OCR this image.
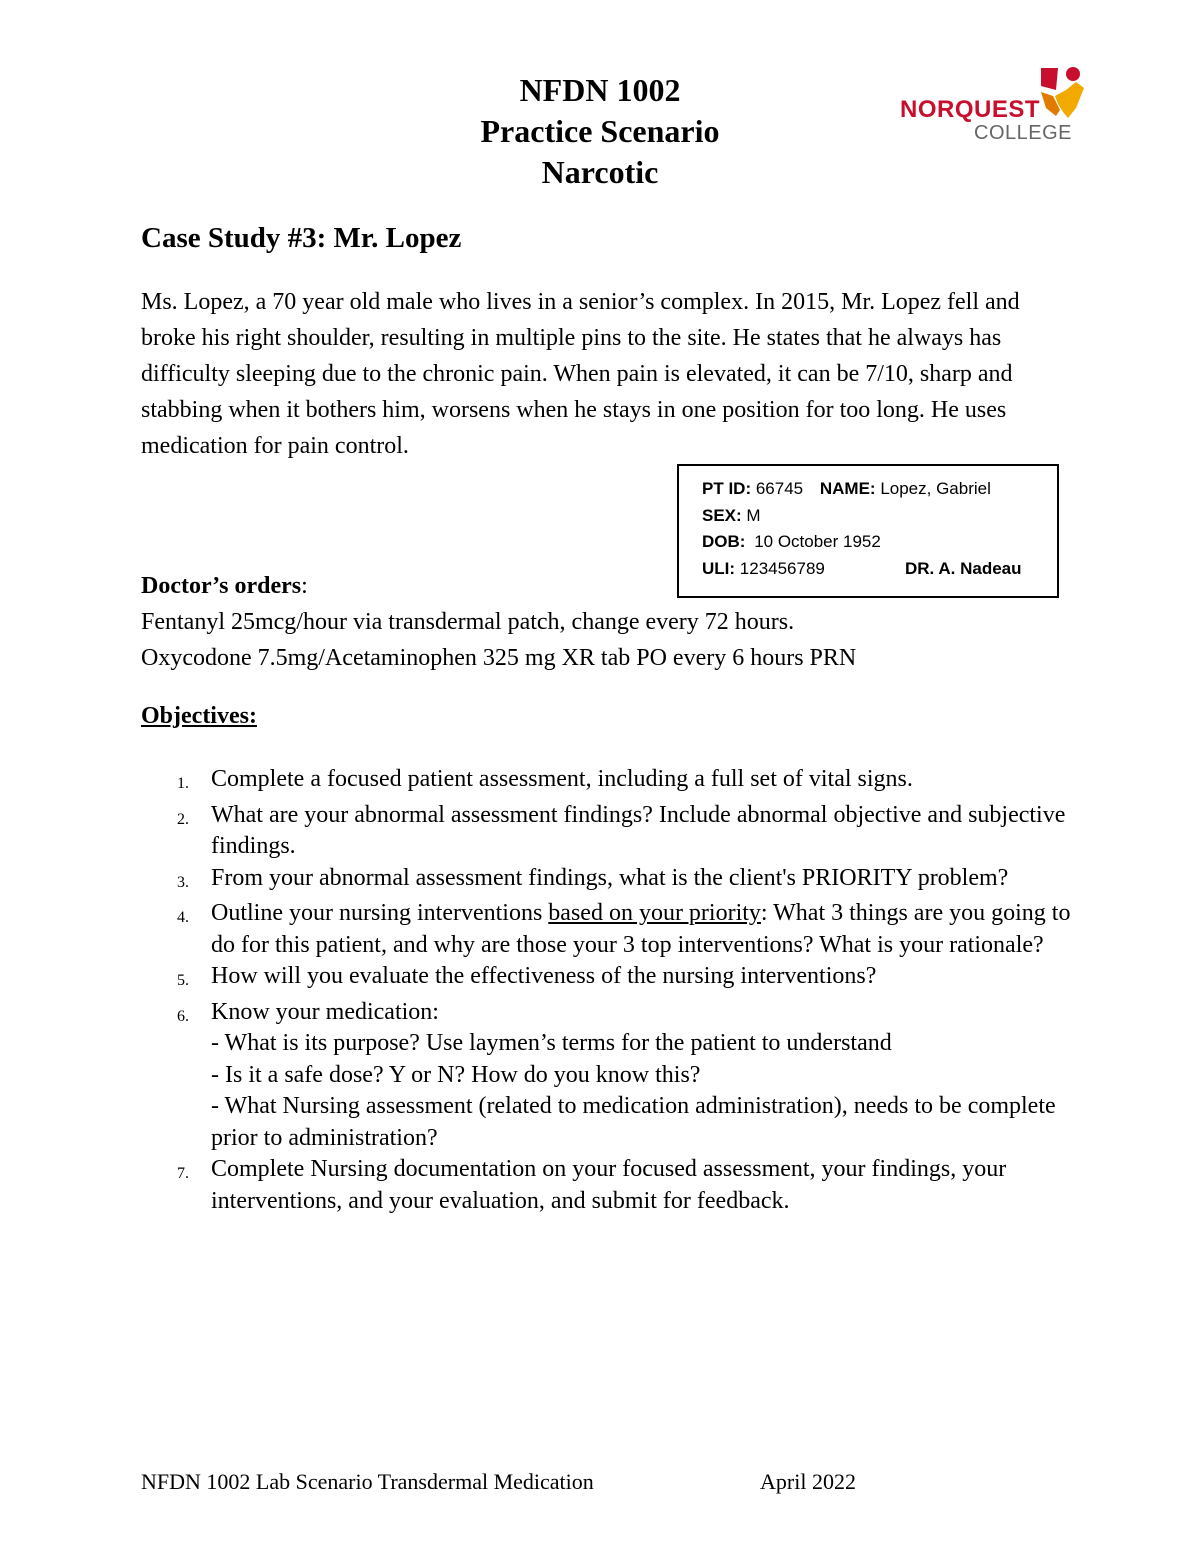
NFDN 1002
Practice Scenario
Narcotic
NORQUEST
COLLEGE
Case Study #3: Mr. Lopez

Ms. Lopez, a 70 year old male who lives in a senior’s complex. In 2015, Mr. Lopez fell and broke his right shoulder, resulting in multiple pins to the site. He states that he always has difficulty sleeping due to the chronic pain. When pain is elevated, it can be 7/10, sharp and stabbing when it bothers him, worsens when he stays in one position for too long. He uses medication for pain control.

PT ID: 66745 NAME: Lopez, Gabriel
SEX: M
DOB: 10 October 1952
ULI: 123456789	DR. A. Nadeau
Doctor’s orders:
Fentanyl 25mcg/hour via transdermal patch, change every 72 hours.
Oxycodone 7.5mg/Acetaminophen 325 mg XR tab PO every 6 hours PRN
Objectives:
1. Complete a focused patient assessment, including a full set of vital signs.
2. What are your abnormal assessment findings? Include abnormal objective and subjective findings.
3. From your abnormal assessment findings, what is the client's PRIORITY problem?
4. Outline your nursing interventions based on your priority: What 3 things are you going to do for this patient, and why are those your 3 top interventions? What is your rationale?
5. How will you evaluate the effectiveness of the nursing interventions?
6. Know your medication:
- What is its purpose? Use laymen’s terms for the patient to understand
- Is it a safe dose? Y or N? How do you know this?
- What Nursing assessment (related to medication administration), needs to be complete prior to administration?
7. Complete Nursing documentation on your focused assessment, your findings, your interventions, and your evaluation, and submit for feedback.
NFDN 1002 Lab Scenario Transdermal Medication	April 2022
